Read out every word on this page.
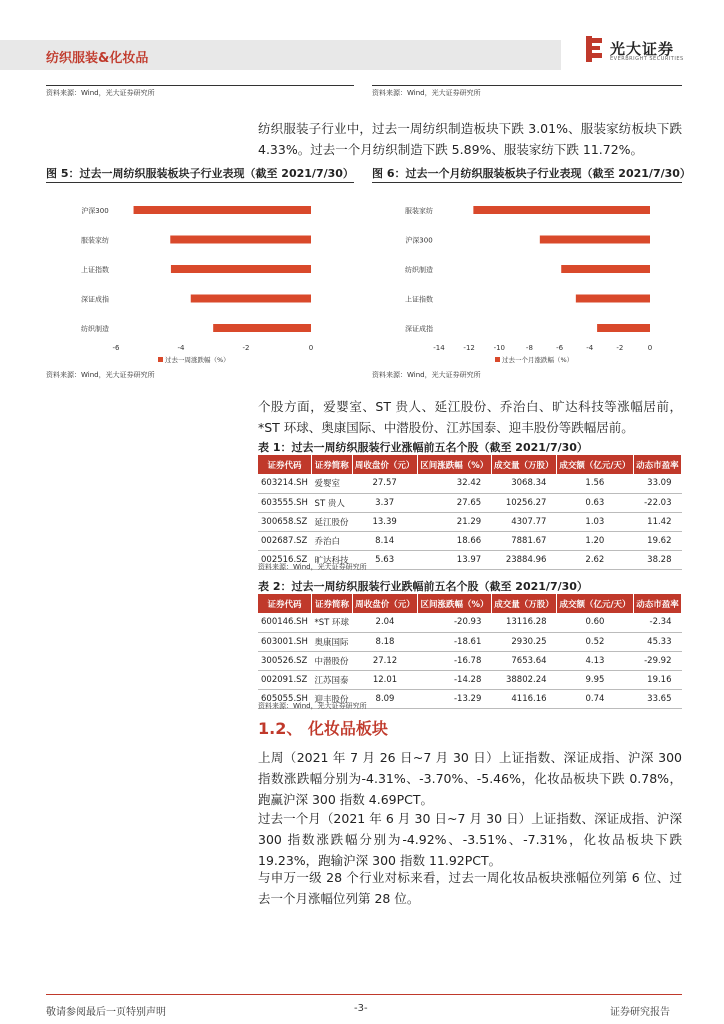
纺织服装&化妆品
光大证券
EVERBRIGHT SECURITIES
资料来源：Wind，光大证券研究所	资料来源：Wind，光大证券研究所
纺织服装子行业中，过去一周纺织制造板块下跌 3.01%、服装家纺板块下跌 4.33%。过去一个月纺织制造下跌 5.89%、服装家纺下跌 11.72%。
图 5：过去一周纺织服装板块子行业表现（截至 2021/7/30）
沪深300
服装家纺
上证指数
深证成指
纺织制造
-6	-4	-2	0
过去一周涨跌幅（%）
资料来源：Wind，光大证券研究所
图 6：过去一个月纺织服装板块子行业表现（截至 2021/7/30）
服装家纺
沪深300
纺织制造
上证指数
深证成指
-14	-12	-10	-8	-6	-4	-2	0
过去一个月涨跌幅（%）
资料来源：Wind，光大证券研究所
个股方面，爱婴室、ST 贵人、延江股份、乔治白、旷达科技等涨幅居前，*ST 环球、奥康国际、中潜股份、江苏国泰、迎丰股份等跌幅居前。
表 1：过去一周纺织服装行业涨幅前五名个股（截至 2021/7/30）
证券代码	证券简称	周收盘价（元）	区间涨跌幅（%）	成交量（万股）	成交额（亿元/天）	动态市盈率
603214.SH	爱婴室	27.57	32.42	3068.34	1.56	33.09
603555.SH	ST 贵人	3.37	27.65	10256.27	0.63	-22.03
300658.SZ	延江股份	13.39	21.29	4307.77	1.03	11.42
002687.SZ	乔治白	8.14	18.66	7881.67	1.20	19.62
002516.SZ	旷达科技	5.63	13.97	23884.96	2.62	38.28
资料来源：Wind，光大证券研究所
表 2：过去一周纺织服装行业跌幅前五名个股（截至 2021/7/30）
证券代码	证券简称	周收盘价（元）	区间涨跌幅（%）	成交量（万股）	成交额（亿元/天）	动态市盈率
600146.SH	*ST 环球	2.04	-20.93	13116.28	0.60	-2.34
603001.SH	奥康国际	8.18	-18.61	2930.25	0.52	45.33
300526.SZ	中潜股份	27.12	-16.78	7653.64	4.13	-29.92
002091.SZ	江苏国泰	12.01	-14.28	38802.24	9.95	19.16
605055.SH	迎丰股份	8.09	-13.29	4116.16	0.74	33.65
资料来源：Wind，光大证券研究所
1.2、 化妆品板块
上周（2021 年 7 月 26 日~7 月 30 日）上证指数、深证成指、沪深 300 指数涨跌幅分别为-4.31%、-3.70%、-5.46%，化妆品板块下跌 0.78%，跑赢沪深 300 指数 4.69PCT。
过去一个月（2021 年 6 月 30 日~7 月 30 日）上证指数、深证成指、沪深 300 指数涨跌幅分别为-4.92%、-3.51%、-7.31%，化妆品板块下跌 19.23%，跑输沪深 300 指数 11.92PCT。
与申万一级 28 个行业对标来看，过去一周化妆品板块涨幅位列第 6 位、过去一个月涨幅位列第 28 位。
敬请参阅最后一页特别声明	-3-	证券研究报告
